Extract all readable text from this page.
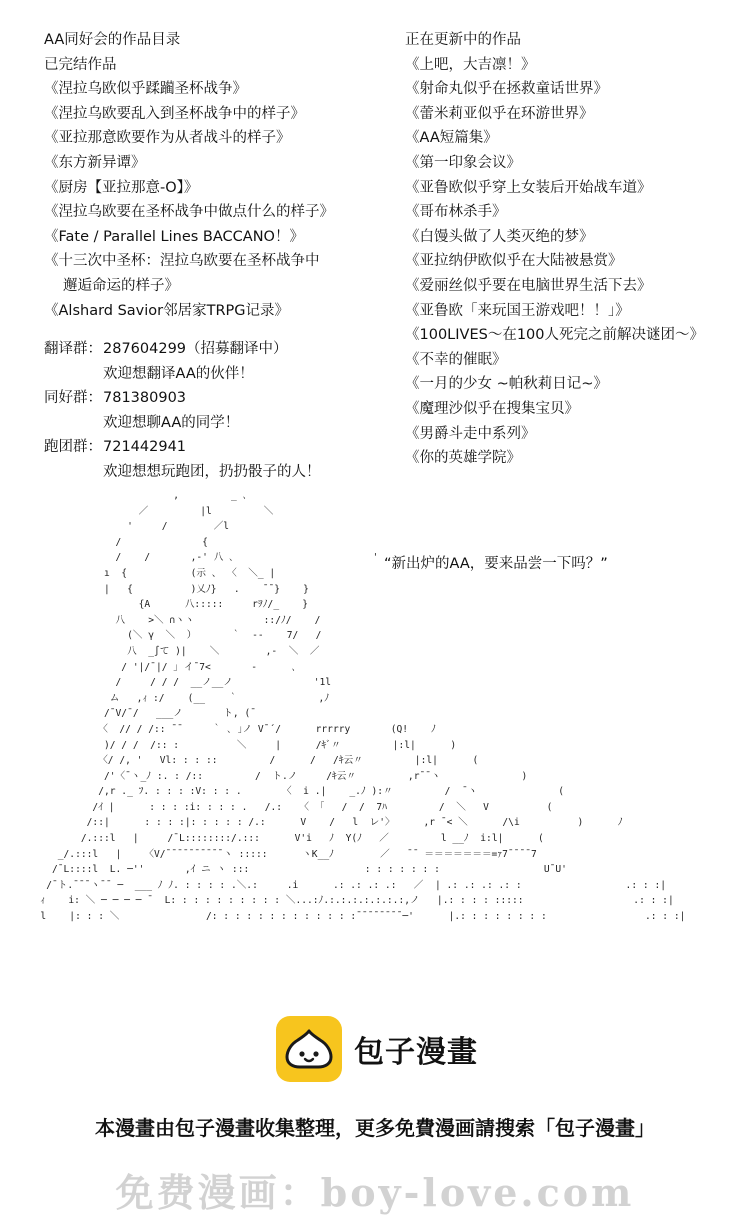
AA同好会的作品目录
已完结作品
《涅拉乌欧似乎蹂躏圣杯战争》
《涅拉乌欧要乱入到圣杯战争中的样子》
《亚拉那意欧要作为从者战斗的样子》
《东方新异谭》
《厨房【亚拉那意-O】》
《涅拉乌欧要在圣杯战争中做点什么的样子》
《Fate / Parallel Lines BACCANO！》
《十三次中圣杯：涅拉乌欧要在圣杯战争中
邂逅命运的样子》
《Alshard Savior邻居家TRPG记录》
正在更新中的作品
《上吧，大吉凛！》
《射命丸似乎在拯救童话世界》
《蕾米莉亚似乎在环游世界》
《AA短篇集》
《第一印象会议》
《亚鲁欧似乎穿上女装后开始战车道》
《哥布林杀手》
《白馒头做了人类灭绝的梦》
《亚拉纳伊欧似乎在大陆被悬赏》
《爱丽丝似乎要在电脑世界生活下去》
《亚鲁欧「来玩国王游戏吧！！」》
《100LIVES～在100人死完之前解决谜团～》
《不幸的催眠》
《一月的少女 ~帕秋莉日记~》
《魔理沙似乎在搜集宝贝》
《男爵斗走中系列》
《你的英雄学院》
翻译群： 287604299（招募翻译中）
欢迎想翻译AA的伙伴！
同好群： 781380903
欢迎想聊AA的同学！
跑团群： 721442941
欢迎想想玩跑团，扔扔骰子的人！
,         _ ､
／         |l         ＼
'     /        ／l
/              {
/    /       ,-' 八 ､                        '
ı  {           (示 、 〈  ＼_ |
|   {          )乂ﾉ}   .    ¯¯}    }
{A      八:::::     rｦﾉ/_    }
八    >＼ ∩ヽヽ            ::/ﾉ/    /
(＼ γ  ＼  ）      ｀  --    7/   /
八  _∫て )|    ＼        ,-  ＼  ／
/ '|/¯|/ ｣ イ¯7<       -      ､
/     / / /  __ノ__ノ              '1l
ム   ,ｨ :/    (__    ｀              ,ﾉ
/¯V/¯/   ___ノ       ト, (¯
〈  // / /:: ¯¯     ｀ ､ ｣ノ V¯´/      rrrrry       (Q!    ﾉ
)/ / /  /:: :          ＼     |      /ｷﾞ〃         |:l|      )
〈/ /, '   Vl: : : ::         /      /   /ｷ云〃         |:l|      (
/'〈¯ヽ_ﾉ :. : /::         /  ト.ノ     /ｷ云〃         ,r¯¯ヽ              )
/,r ._ ﾌ. : : : :V: : : .       〈  i .|    _.ﾉ ):〃         /  ¯ヽ              (
/ｲ |      : : : :i: : : : .   /.:   〈 「   /  /  7ﾊ         /  ＼   V          (
/::|      : : : :|: : : : : /.:      V    /   l  レ'〉     ,r ¯< ＼      /\i          )      ﾉ
/.:::l   |     /¯L::::::::/.:::      V'i   ﾉ  Y(ﾉ   ／         l __ﾉ  i:l|      (
_/.:::l   |    〈V/¯¯¯¯¯¯¯¯¯¯ヽ :::::      ヽK__ﾉ        ／   ¯¯ ＝＝＝＝＝＝＝=ｧ7¯¯¯¯7
/¯L::::l  L. ─''       ,ｲ ニ ヽ :::                    : : : : : : :                  U¯U'
/¯ト.¯¯¯ヽ¯¯ ─  ___ ﾉ ﾉ. : : : : .＼.:     .i      .: .: .: .:   ／  | .: .: .: .: :                  .: : :|
ｨ    i: ＼ ─ ─ ─ ─ ¯  L: : : : : : : : : : ＼...:ﾉ.:.:.:.:.:.:.:,ノ   |.: : : : :::::                   .: : :|
l    |: : : ＼               /: : : : : : : : : : : : :¯¯¯¯¯¯¯¯─'      |.: : : : : : : :                 .: : :|
“新出炉的AA，要来品尝一下吗？”
包子漫畫
本漫畫由包子漫畫收集整理，更多免費漫画請搜索「包子漫畫」
免费漫画：boy-love.com
